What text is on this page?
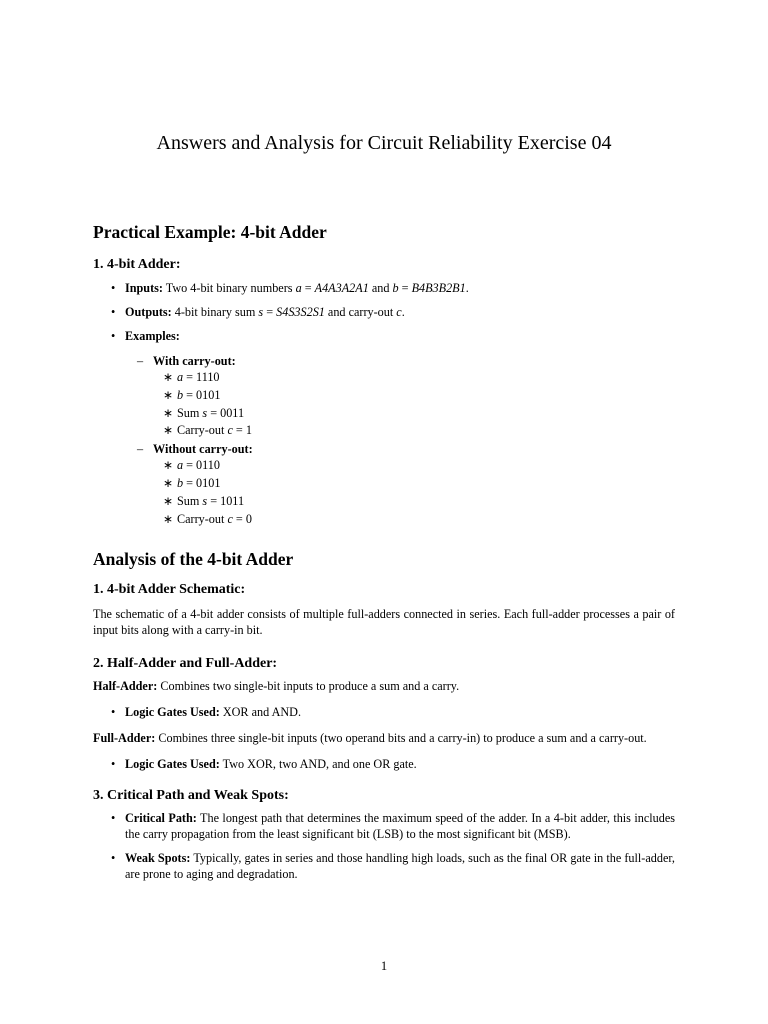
Answers and Analysis for Circuit Reliability Exercise 04
Practical Example: 4-bit Adder
1. 4-bit Adder:
• Inputs: Two 4-bit binary numbers a = A4A3A2A1 and b = B4B3B2B1.
• Outputs: 4-bit binary sum s = S4S3S2S1 and carry-out c.
• Examples:
– With carry-out:
∗ a = 1110
∗ b = 0101
∗ Sum s = 0011
∗ Carry-out c = 1
– Without carry-out:
∗ a = 0110
∗ b = 0101
∗ Sum s = 1011
∗ Carry-out c = 0
Analysis of the 4-bit Adder
1. 4-bit Adder Schematic:

The schematic of a 4-bit adder consists of multiple full-adders connected in series. Each full-adder processes a pair of input bits along with a carry-in bit.

2. Half-Adder and Full-Adder:

Half-Adder: Combines two single-bit inputs to produce a sum and a carry.

• Logic Gates Used: XOR and AND.

Full-Adder: Combines three single-bit inputs (two operand bits and a carry-in) to produce a sum and a carry-out.

• Logic Gates Used: Two XOR, two AND, and one OR gate.
3. Critical Path and Weak Spots:
• Critical Path: The longest path that determines the maximum speed of the adder. In a 4-bit adder, this includes the carry propagation from the least significant bit (LSB) to the most significant bit (MSB).
• Weak Spots: Typically, gates in series and those handling high loads, such as the final OR gate in the full-adder, are prone to aging and degradation.
1
